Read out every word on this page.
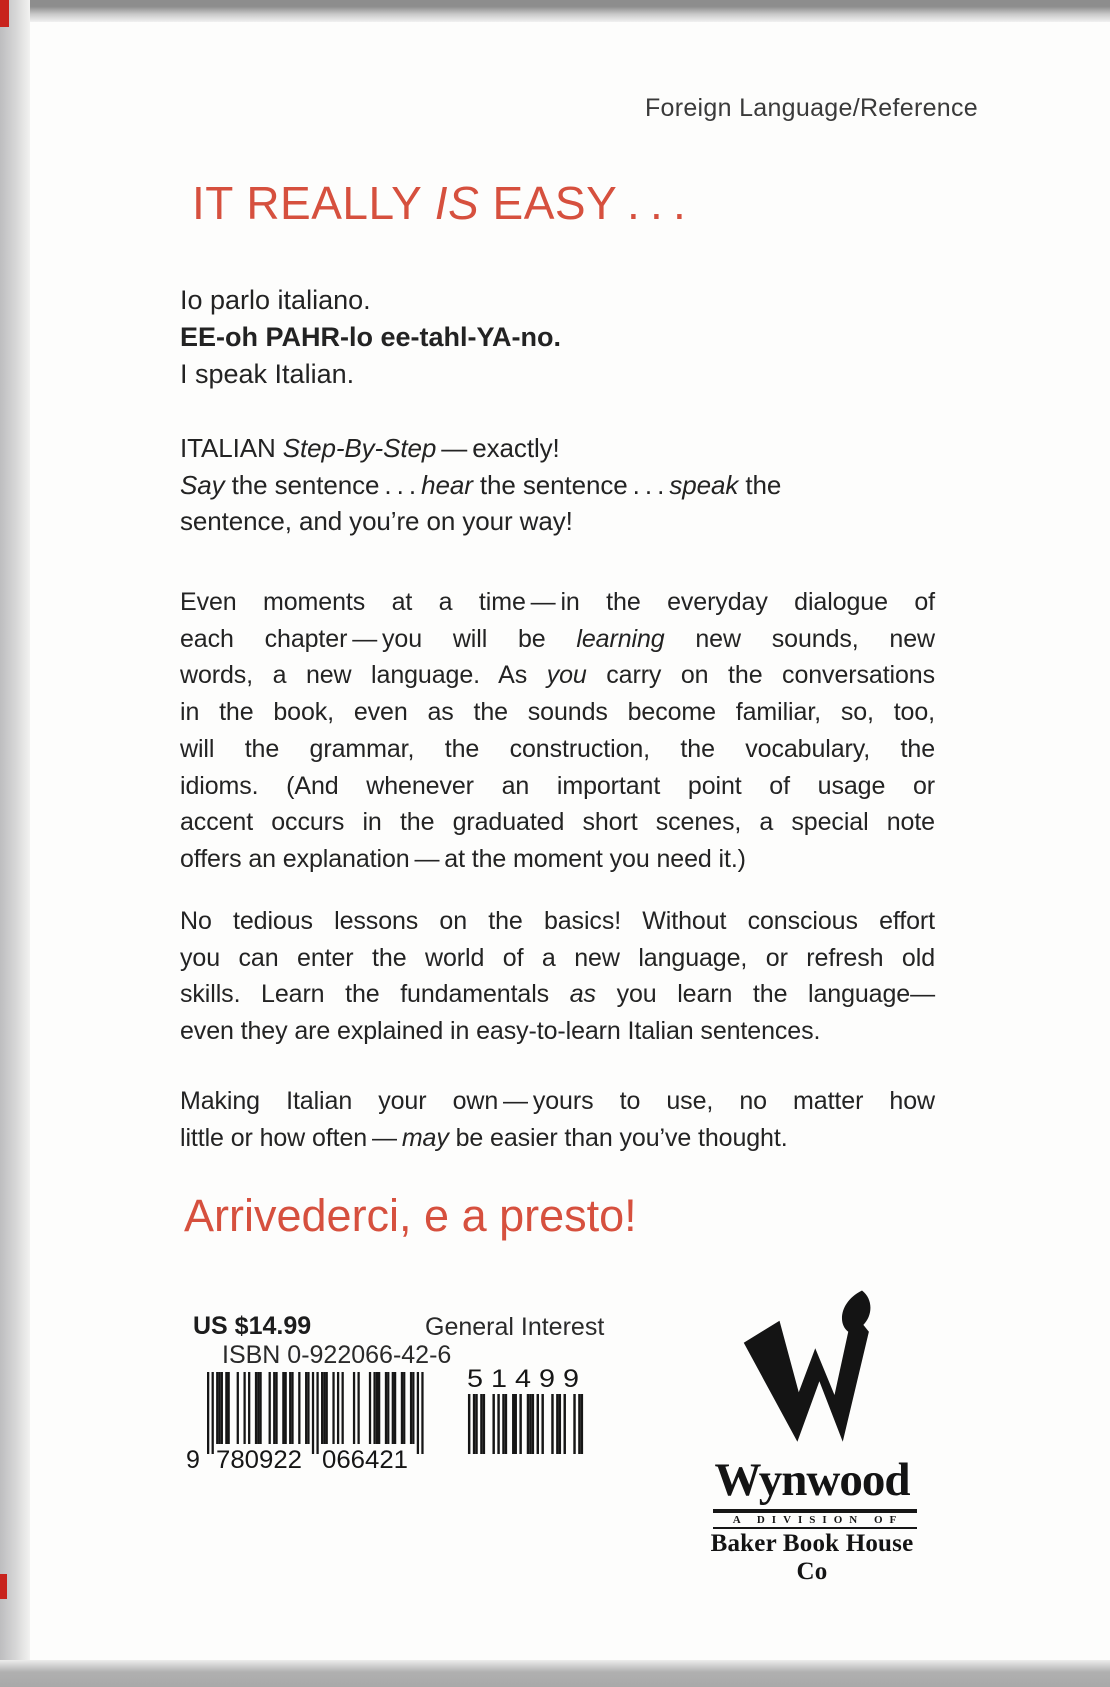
Foreign Language/Reference
IT REALLY IS EASY . . .
Io parlo italiano.
EE-oh PAHR-lo ee-tahl-YA-no.
I speak Italian.
ITALIAN Step-By-Step — exactly!
Say the sentence . . . hear the sentence . . . speak the
sentence, and you’re on your way!
Even moments at a time — in the everyday dialogue of
each chapter — you will be learning new sounds, new
words, a new language. As you carry on the conversations
in the book, even as the sounds become familiar, so, too,
will the grammar, the construction, the vocabulary, the
idioms. (And whenever an important point of usage or
accent occurs in the graduated short scenes, a special note
offers an explanation — at the moment you need it.)
No tedious lessons on the basics! Without conscious effort
you can enter the world of a new language, or refresh old
skills. Learn the fundamentals as you learn the language—
even they are explained in easy-to-learn Italian sentences.
Making Italian your own — yours to use, no matter how
little or how often — may be easier than you’ve thought.
Arrivederci, e a presto!
US $14.99	General Interest
ISBN 0-922066-42-6
9 780922 066421
5 1 4 9 9
Wynwood
A DIVISION OF
Baker Book House Co
